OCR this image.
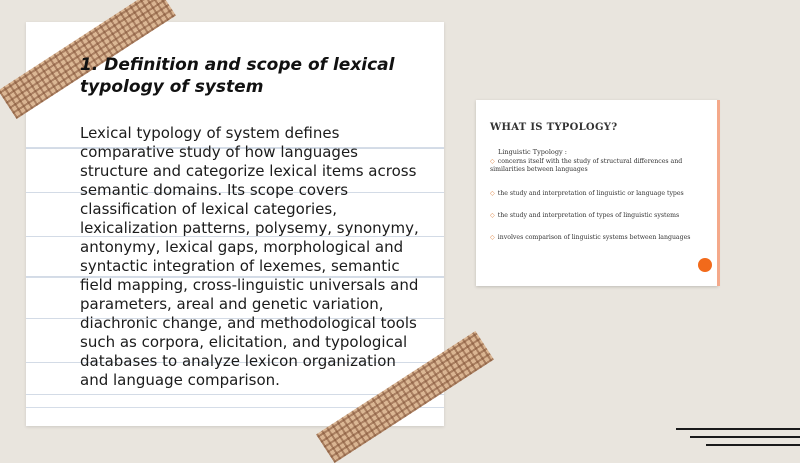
1. Definition and scope of lexical typology of system
Lexical typology of system defines comparative study of how languages structure and categorize lexical items across semantic domains. Its scope covers classification of lexical categories, lexicalization patterns, polysemy, synonymy, antonymy, lexical gaps, morphological and syntactic integration of lexemes, semantic field mapping, cross-linguistic universals and parameters, areal and genetic variation, diachronic change, and methodological tools such as corpora, elicitation, and typological databases to analyze lexicon organization and language comparison.
WHAT IS TYPOLOGY?
Linguistic Typology :
◇ concerns itself with the study of structural differences and similarities between languages
◇ the study and interpretation of linguistic or language types
◇ the study and interpretation of types of linguistic systems
◇ involves comparison of linguistic systems between languages
